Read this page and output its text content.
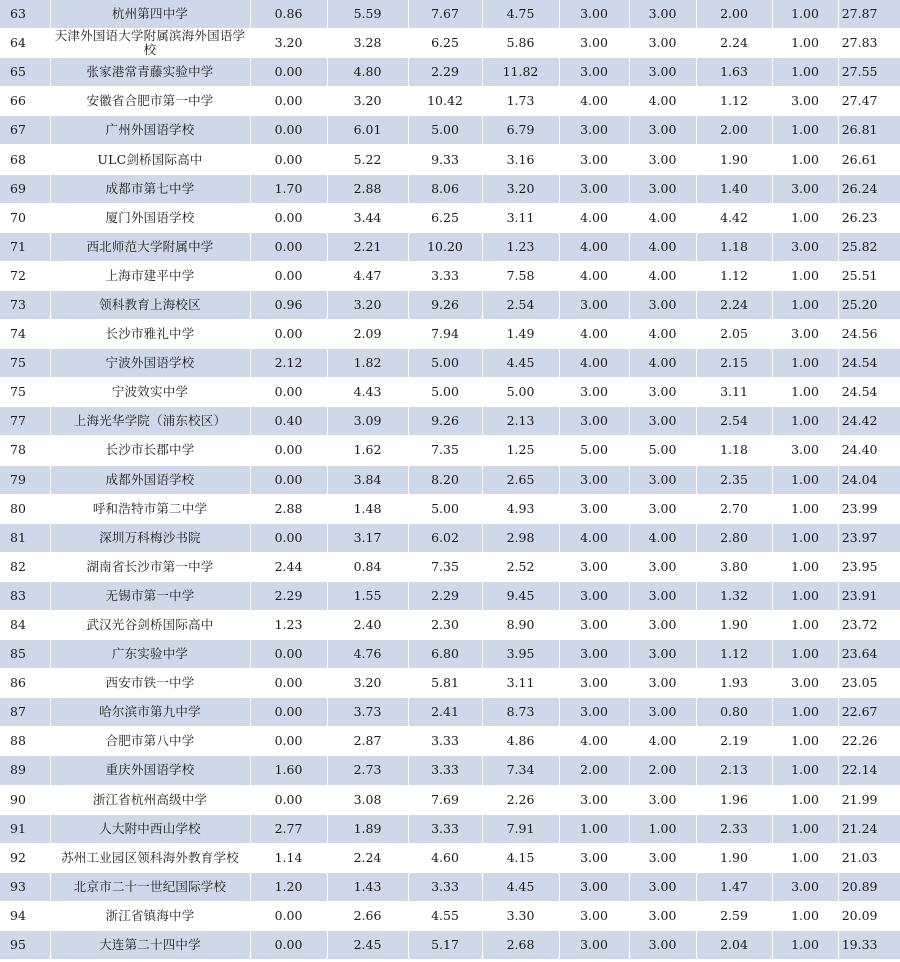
63	杭州第四中学	0.86	5.59	7.67	4.75	3.00	3.00	2.00	1.00	27.87
64	天津外国语大学附属滨海外国语学校	3.20	3.28	6.25	5.86	3.00	3.00	2.24	1.00	27.83
65	张家港常青藤实验中学	0.00	4.80	2.29	11.82	3.00	3.00	1.63	1.00	27.55
66	安徽省合肥市第一中学	0.00	3.20	10.42	1.73	4.00	4.00	1.12	3.00	27.47
67	广州外国语学校	0.00	6.01	5.00	6.79	3.00	3.00	2.00	1.00	26.81
68	ULC剑桥国际高中	0.00	5.22	9.33	3.16	3.00	3.00	1.90	1.00	26.61
69	成都市第七中学	1.70	2.88	8.06	3.20	3.00	3.00	1.40	3.00	26.24
70	厦门外国语学校	0.00	3.44	6.25	3.11	4.00	4.00	4.42	1.00	26.23
71	西北师范大学附属中学	0.00	2.21	10.20	1.23	4.00	4.00	1.18	3.00	25.82
72	上海市建平中学	0.00	4.47	3.33	7.58	4.00	4.00	1.12	1.00	25.51
73	领科教育上海校区	0.96	3.20	9.26	2.54	3.00	3.00	2.24	1.00	25.20
74	长沙市雅礼中学	0.00	2.09	7.94	1.49	4.00	4.00	2.05	3.00	24.56
75	宁波外国语学校	2.12	1.82	5.00	4.45	4.00	4.00	2.15	1.00	24.54
75	宁波效实中学	0.00	4.43	5.00	5.00	3.00	3.00	3.11	1.00	24.54
77	上海光华学院（浦东校区）	0.40	3.09	9.26	2.13	3.00	3.00	2.54	1.00	24.42
78	长沙市长郡中学	0.00	1.62	7.35	1.25	5.00	5.00	1.18	3.00	24.40
79	成都外国语学校	0.00	3.84	8.20	2.65	3.00	3.00	2.35	1.00	24.04
80	呼和浩特市第二中学	2.88	1.48	5.00	4.93	3.00	3.00	2.70	1.00	23.99
81	深圳万科梅沙书院	0.00	3.17	6.02	2.98	4.00	4.00	2.80	1.00	23.97
82	湖南省长沙市第一中学	2.44	0.84	7.35	2.52	3.00	3.00	3.80	1.00	23.95
83	无锡市第一中学	2.29	1.55	2.29	9.45	3.00	3.00	1.32	1.00	23.91
84	武汉光谷剑桥国际高中	1.23	2.40	2.30	8.90	3.00	3.00	1.90	1.00	23.72
85	广东实验中学	0.00	4.76	6.80	3.95	3.00	3.00	1.12	1.00	23.64
86	西安市铁一中学	0.00	3.20	5.81	3.11	3.00	3.00	1.93	3.00	23.05
87	哈尔滨市第九中学	0.00	3.73	2.41	8.73	3.00	3.00	0.80	1.00	22.67
88	合肥市第八中学	0.00	2.87	3.33	4.86	4.00	4.00	2.19	1.00	22.26
89	重庆外国语学校	1.60	2.73	3.33	7.34	2.00	2.00	2.13	1.00	22.14
90	浙江省杭州高级中学	0.00	3.08	7.69	2.26	3.00	3.00	1.96	1.00	21.99
91	人大附中西山学校	2.77	1.89	3.33	7.91	1.00	1.00	2.33	1.00	21.24
92	苏州工业园区领科海外教育学校	1.14	2.24	4.60	4.15	3.00	3.00	1.90	1.00	21.03
93	北京市二十一世纪国际学校	1.20	1.43	3.33	4.45	3.00	3.00	1.47	3.00	20.89
94	浙江省镇海中学	0.00	2.66	4.55	3.30	3.00	3.00	2.59	1.00	20.09
95	大连第二十四中学	0.00	2.45	5.17	2.68	3.00	3.00	2.04	1.00	19.33
